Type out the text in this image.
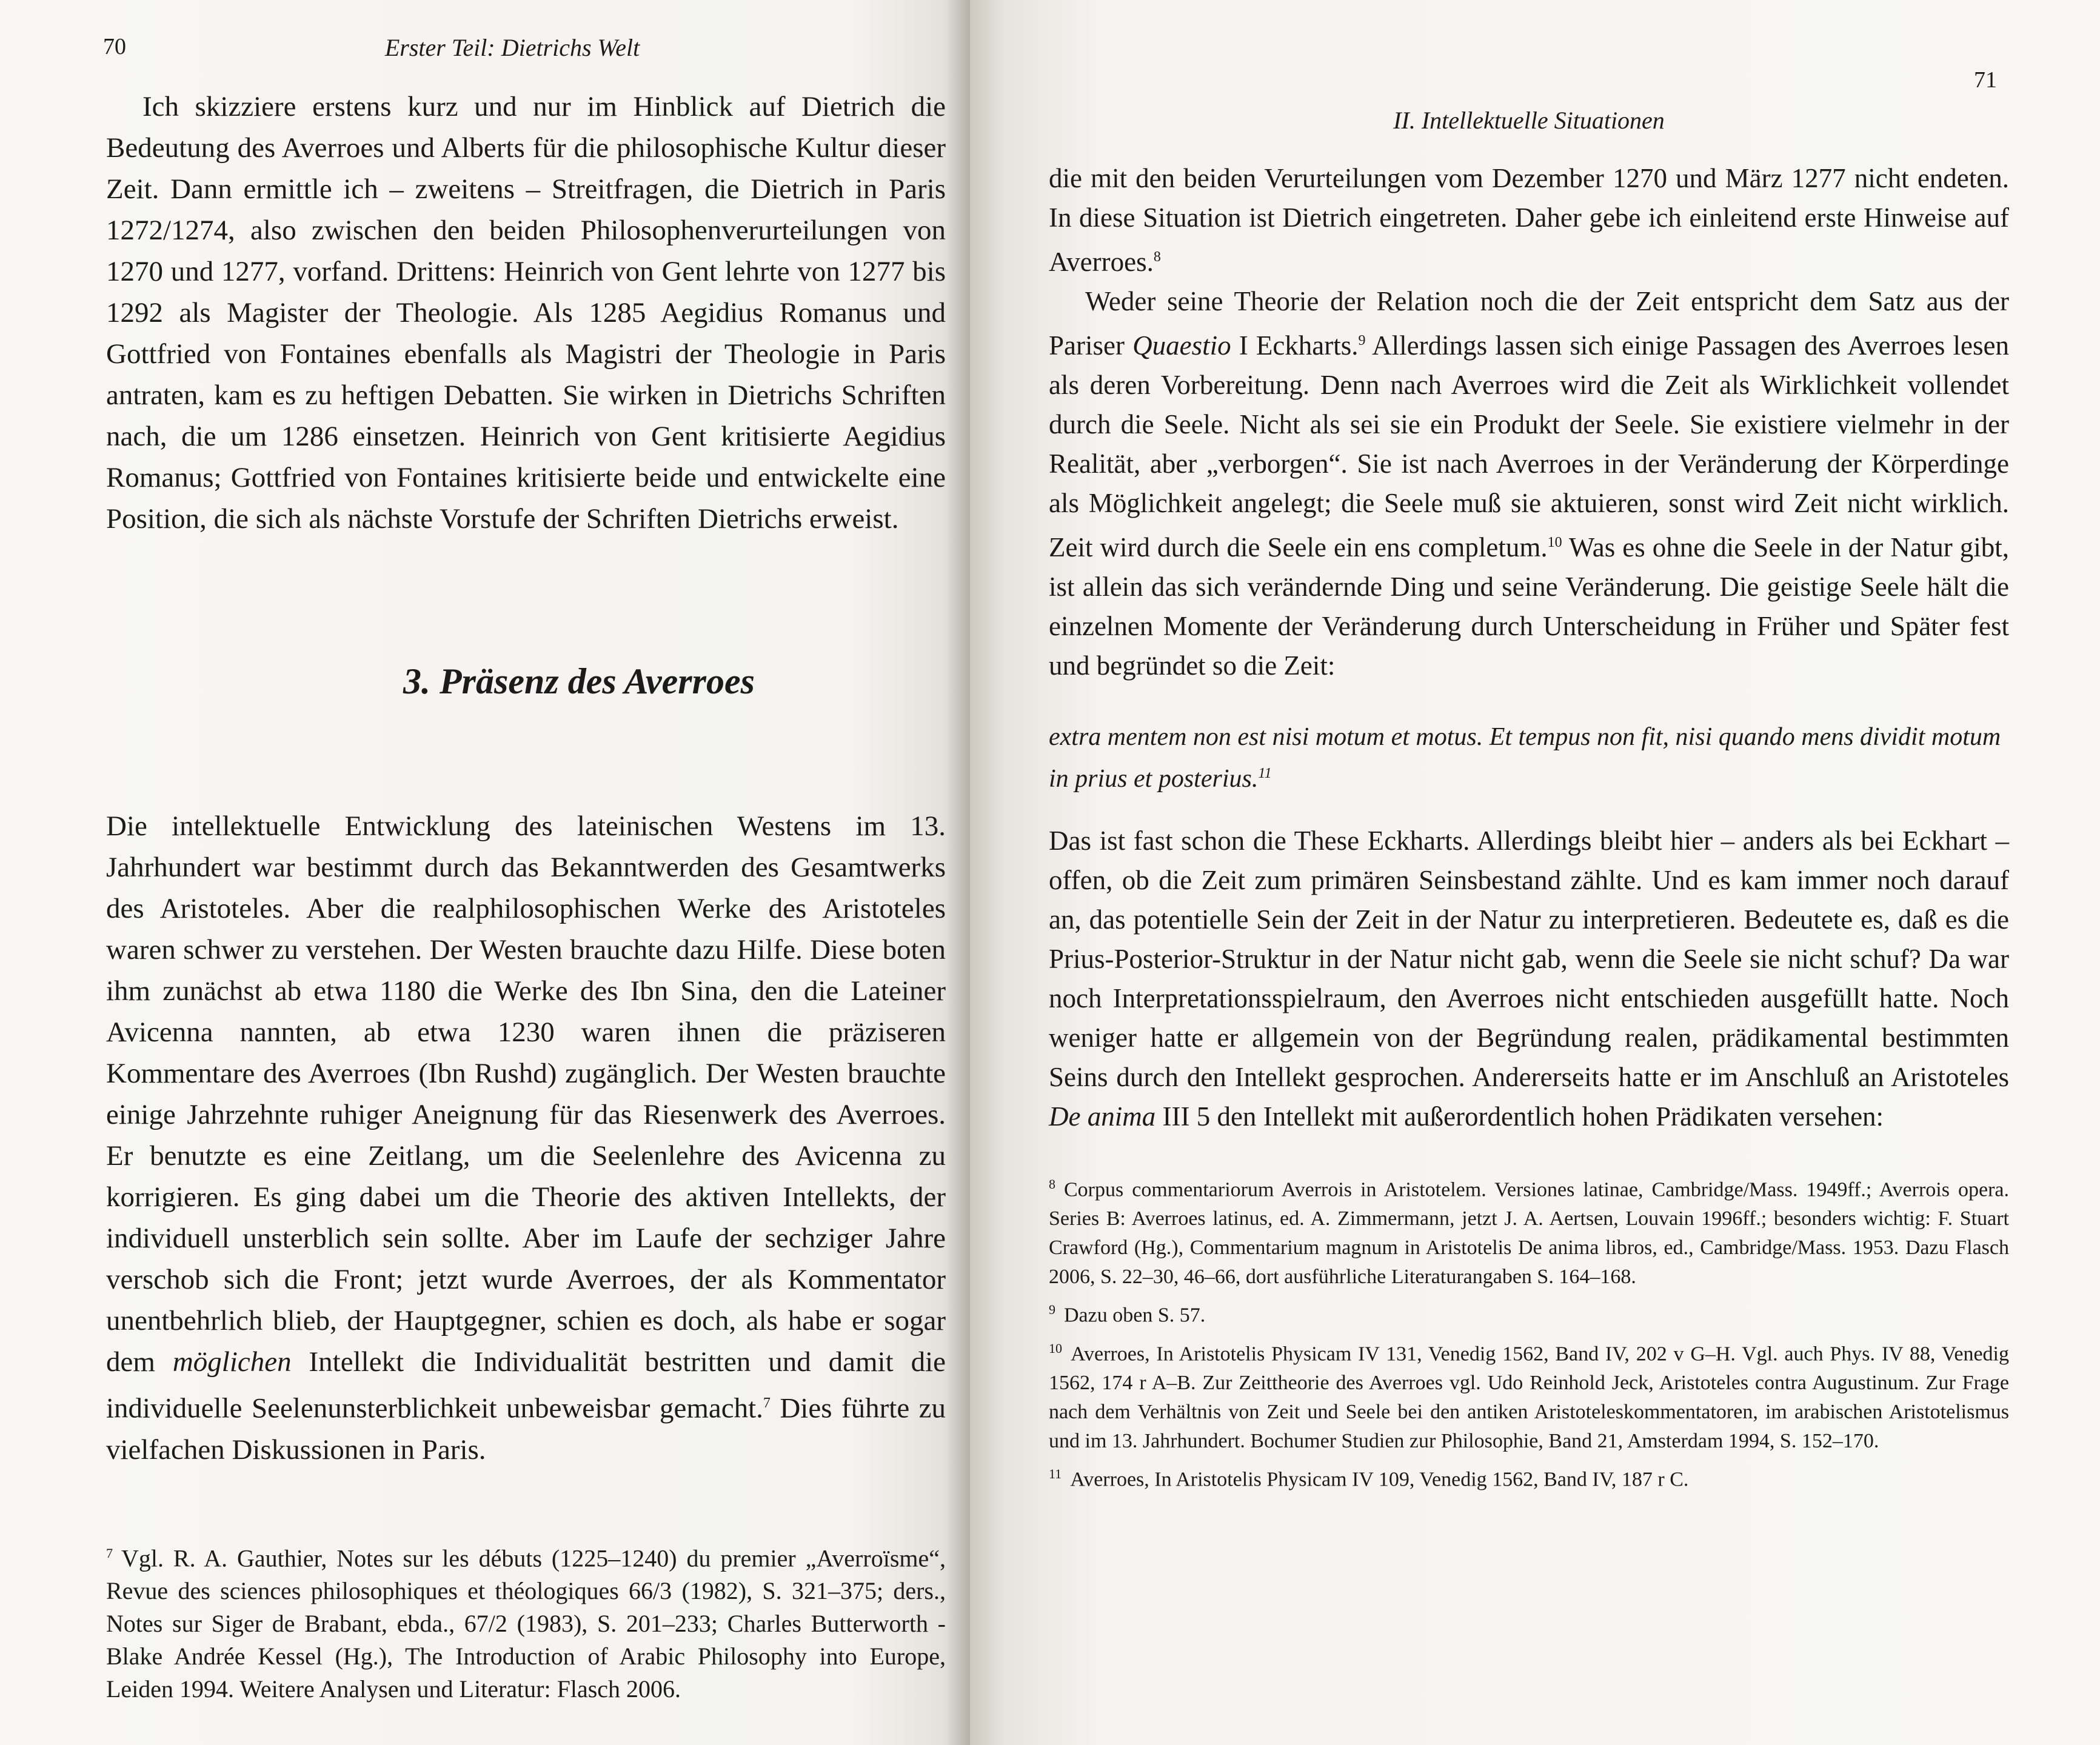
70	Erster Teil: Dietrichs Welt

Ich skizziere erstens kurz und nur im Hinblick auf Dietrich die Bedeutung des Averroes und Alberts für die philosophische Kultur dieser Zeit. Dann ermittle ich – zweitens – Streitfragen, die Dietrich in Paris 1272/1274, also zwischen den beiden Philosophenverurteilungen von 1270 und 1277, vorfand. Drittens: Heinrich von Gent lehrte von 1277 bis 1292 als Magister der Theologie. Als 1285 Aegidius Romanus und Gottfried von Fontaines ebenfalls als Magistri der Theologie in Paris antraten, kam es zu heftigen Debatten. Sie wirken in Dietrichs Schriften nach, die um 1286 einsetzen. Heinrich von Gent kritisierte Aegidius Romanus; Gottfried von Fontaines kritisierte beide und entwickelte eine Position, die sich als nächste Vorstufe der Schriften Dietrichs erweist.

3. Präsenz des Averroes

Die intellektuelle Entwicklung des lateinischen Westens im 13. Jahrhundert war bestimmt durch das Bekanntwerden des Gesamtwerks des Aristoteles. Aber die realphilosophischen Werke des Aristoteles waren schwer zu verstehen. Der Westen brauchte dazu Hilfe. Diese boten ihm zunächst ab etwa 1180 die Werke des Ibn Sina, den die Lateiner Avicenna nannten, ab etwa 1230 waren ihnen die präziseren Kommentare des Averroes (Ibn Rushd) zugänglich. Der Westen brauchte einige Jahrzehnte ruhiger Aneignung für das Riesenwerk des Averroes. Er benutzte es eine Zeitlang, um die Seelenlehre des Avicenna zu korrigieren. Es ging dabei um die Theorie des aktiven Intellekts, der individuell unsterblich sein sollte. Aber im Laufe der sechziger Jahre verschob sich die Front; jetzt wurde Averroes, der als Kommentator unentbehrlich blieb, der Hauptgegner, schien es doch, als habe er sogar dem möglichen Intellekt die Individualität bestritten und damit die individuelle Seelenunsterblichkeit unbeweisbar gemacht.$^7$ Dies führte zu vielfachen Diskussionen in Paris.

$^7$ Vgl. R. A. Gauthier, Notes sur les débuts (1225–1240) du premier „Averroïsme“, Revue des sciences philosophiques et théologiques 66/3 (1982), S. 321–375; ders., Notes sur Siger de Brabant, ebda., 67/2 (1983), S. 201–233; Charles Butterworth - Blake Andrée Kessel (Hg.), The Introduction of Arabic Philosophy into Europe, Leiden 1994. Weitere Analysen und Literatur: Flasch 2006.

71
II. Intellektuelle Situationen

die mit den beiden Verurteilungen vom Dezember 1270 und März 1277 nicht endeten. In diese Situation ist Dietrich eingetreten. Daher gebe ich einleitend erste Hinweise auf Averroes.$^8$

Weder seine Theorie der Relation noch die der Zeit entspricht dem Satz aus der Pariser Quaestio I Eckharts.$^9$ Allerdings lassen sich einige Passagen des Averroes lesen als deren Vorbereitung. Denn nach Averroes wird die Zeit als Wirklichkeit vollendet durch die Seele. Nicht als sei sie ein Produkt der Seele. Sie existiere vielmehr in der Realität, aber „verborgen“. Sie ist nach Averroes in der Veränderung der Körperdinge als Möglichkeit angelegt; die Seele muß sie aktuieren, sonst wird Zeit nicht wirklich. Zeit wird durch die Seele ein ens completum.$^{10}$ Was es ohne die Seele in der Natur gibt, ist allein das sich verändernde Ding und seine Veränderung. Die geistige Seele hält die einzelnen Momente der Veränderung durch Unterscheidung in Früher und Später fest und begründet so die Zeit:

extra mentem non est nisi motum et motus. Et tempus non fit, nisi quando mens dividit motum in prius et posterius.$^{11}$

Das ist fast schon die These Eckharts. Allerdings bleibt hier – anders als bei Eckhart – offen, ob die Zeit zum primären Seinsbestand zählte. Und es kam immer noch darauf an, das potentielle Sein der Zeit in der Natur zu interpretieren. Bedeutete es, daß es die Prius-Posterior-Struktur in der Natur nicht gab, wenn die Seele sie nicht schuf? Da war noch Interpretationsspielraum, den Averroes nicht entschieden ausgefüllt hatte. Noch weniger hatte er allgemein von der Begründung realen, prädikamental bestimmten Seins durch den Intellekt gesprochen. Andererseits hatte er im Anschluß an Aristoteles De anima III 5 den Intellekt mit außerordentlich hohen Prädikaten versehen:

$^8$ Corpus commentariorum Averrois in Aristotelem. Versiones latinae, Cambridge/Mass. 1949ff.; Averrois opera. Series B: Averroes latinus, ed. A. Zimmermann, jetzt J. A. Aertsen, Louvain 1996ff.; besonders wichtig: F. Stuart Crawford (Hg.), Commentarium magnum in Aristotelis De anima libros, ed., Cambridge/Mass. 1953. Dazu Flasch 2006, S. 22–30, 46–66, dort ausführliche Literaturangaben S. 164–168.

$^9$ Dazu oben S. 57.

$^{10}$ Averroes, In Aristotelis Physicam IV 131, Venedig 1562, Band IV, 202 v G–H. Vgl. auch Phys. IV 88, Venedig 1562, 174 r A–B. Zur Zeittheorie des Averroes vgl. Udo Reinhold Jeck, Aristoteles contra Augustinum. Zur Frage nach dem Verhältnis von Zeit und Seele bei den antiken Aristoteleskommentatoren, im arabischen Aristotelismus und im 13. Jahrhundert. Bochumer Studien zur Philosophie, Band 21, Amsterdam 1994, S. 152–170.

$^{11}$ Averroes, In Aristotelis Physicam IV 109, Venedig 1562, Band IV, 187 r C.
